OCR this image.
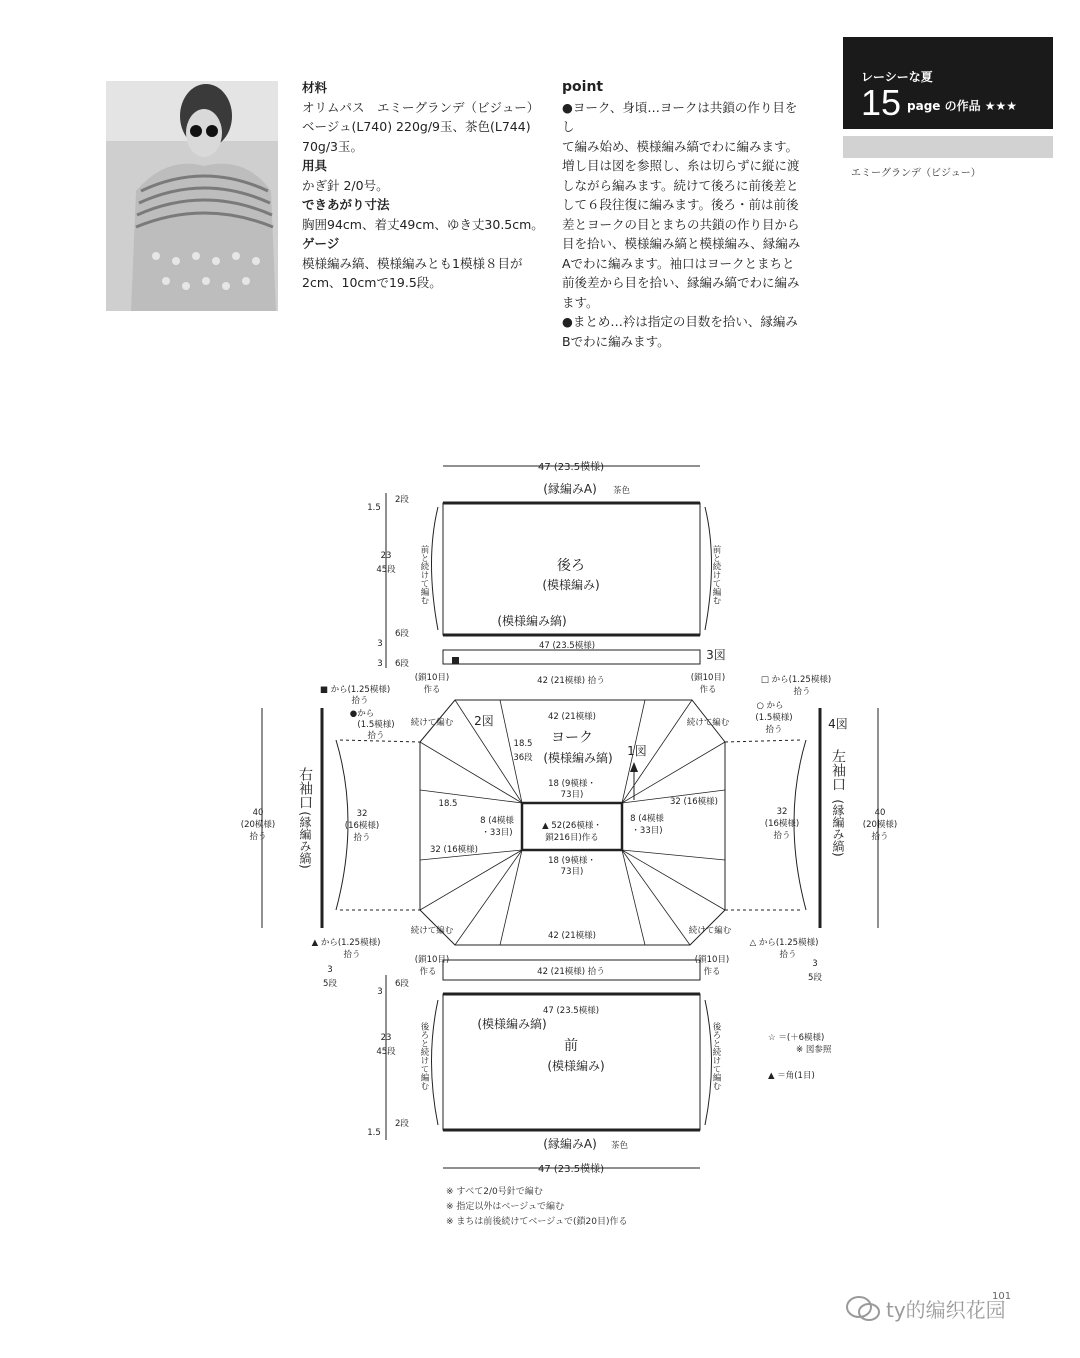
材料
オリムパス　エミーグランデ（ビジュー）
ベージュ(L740) 220g/9玉、茶色(L744)
70g/3玉。
用具
かぎ針 2/0号。
できあがり寸法
胸囲94cm、着丈49cm、ゆき丈30.5cm。
ゲージ
模様編み縞、模様編みとも1模様８目が
2cm、10cmで19.5段。
point
●ヨーク、身頃…ヨークは共鎖の作り目をし
て編み始め、模様編み縞でわに編みます。
増し目は図を参照し、糸は切らずに縦に渡
しながら編みます。続けて後ろに前後差と
して６段往復に編みます。後ろ・前は前後
差とヨークの目とまちの共鎖の作り目から
目を拾い、模様編み縞と模様編み、縁編み
Aでわに編みます。袖口はヨークとまちと
前後差から目を拾い、縁編み縞でわに編み
ます。
●まとめ…衿は指定の目数を拾い、縁編み
Bでわに編みます。
レーシーな夏
15 page の作品 ★★★
エミーグランデ（ビジュー）
47 (23.5模様)
(縁編みA) 茶色
後ろ
(模様編み)
(模様編み縞)
47 (23.5模様)
42 (21模様) 拾う
3図
(鎖10目)
作る
(鎖10目)
作る
1.5
2段
23
45段
3
6段
3 6段
42 (21模様)
ヨーク
(模様編み縞)
2図
1図
18.5
36段
18 (9模様・
73目)
18 (9模様・
73目)
8 (4模様
・33目)
8 (4模様
・33目)
▲ 52(26模様・
鎖216目)作る
32 (16模様)
32 (16模様)
18.5
42 (21模様)
続けて編む	続けて編む
続けて編む	続けて編む
■ から(1.25模様)
拾う
●から
(1.5模様)
拾う
□ から(1.25模様)
拾う
○ から
(1.5模様)
拾う
▲ から(1.25模様)
拾う
△ から(1.25模様)
拾う
40
(20模様)
拾う
32
(16模様)
拾う
右袖口
(縁編み縞)	40
(20模様)
拾う
32
(16模様)
拾う
左袖口
(縁編み縞)
4図
(鎖10目)
作る
(鎖10目)
作る
42 (21模様) 拾う
47 (23.5模様)
(模様編み縞)
前
(模様編み)
(縁編みA) 茶色
47 (23.5模様)
3
5段
3
5段
3
6段
23
45段
1.5
2段
前と続けて編む
前と続けて編む
後ろと続けて編む
後ろと続けて編む	☆ ＝(＋6模様)
※ 図参照
▲ ＝角(1目)
※ すべて2/0号針で編む
※ 指定以外はベージュで編む
※ まちは前後続けてベージュで(鎖20目)作る
101
ty的编织花园
